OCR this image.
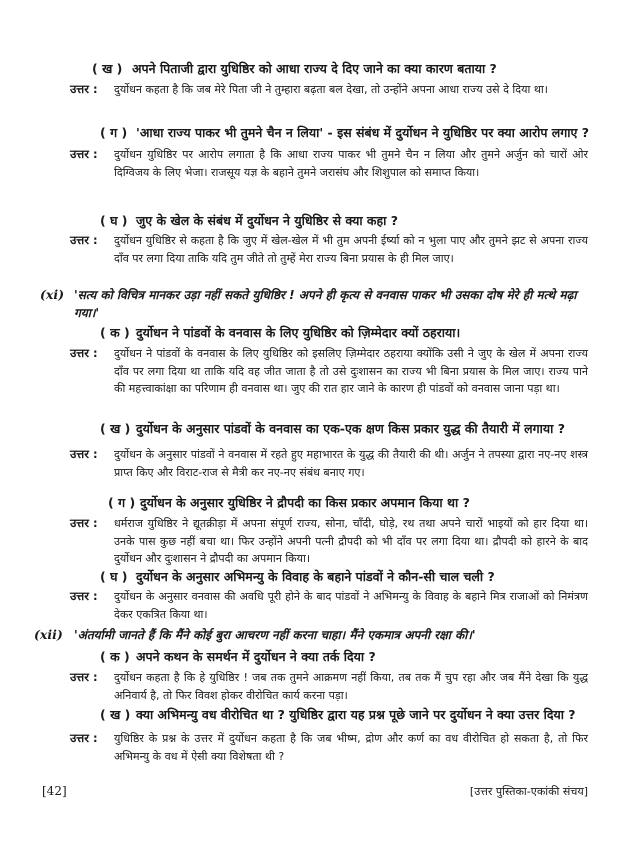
( ख ) अपने पिताजी द्वारा युधिष्ठिर को आधा राज्य दे दिए जाने का क्या कारण बताया ?
उत्तर :	दुर्योधन कहता है कि जब मेरे पिता जी ने तुम्हारा बढ़ता बल देखा, तो उन्होंने अपना आधा राज्य उसे दे दिया था।
( ग ) 'आधा राज्य पाकर भी तुमने चैन न लिया' - इस संबंध में दुर्योधन ने युधिष्ठिर पर क्या आरोप लगाए ?
उत्तर :	दुर्योधन युधिष्ठिर पर आरोप लगाता है कि आधा राज्य पाकर भी तुमने चैन न लिया और तुमने अर्जुन को चारों ओर दिग्विजय के लिए भेजा। राजसूय यज्ञ के बहाने तुमने जरासंघ और शिशुपाल को समाप्त किया।
( घ ) जुए के खेल के संबंध में दुर्योधन ने युधिष्ठिर से क्या कहा ?
उत्तर :	दुर्योधन युधिष्ठिर से कहता है कि जुए में खेल-खेल में भी तुम अपनी ईर्ष्या को न भुला पाए और तुमने झट से अपना राज्य दाँव पर लगा दिया ताकि यदि तुम जीते तो तुम्हें मेरा राज्य बिना प्रयास के ही मिल जाए।
(xi) 'सत्य को विचित्र मानकर उड़ा नहीं सकते युधिष्ठिर ! अपने ही कृत्य से वनवास पाकर भी उसका दोष मेरे ही मत्थे मढ़ा गया।'
( क ) दुर्योधन ने पांडवों के वनवास के लिए युधिष्ठिर को ज़िम्मेदार क्यों ठहराया।
उत्तर :	दुर्योधन ने पांडवों के वनवास के लिए युधिष्ठिर को इसलिए ज़िम्मेदार ठहराया क्योंकि उसी ने जुए के खेल में अपना राज्य दाँव पर लगा दिया था ताकि यदि वह जीत जाता है तो उसे दुःशासन का राज्य भी बिना प्रयास के मिल जाए। राज्य पाने की महत्त्वाकांक्षा का परिणाम ही वनवास था। जुए की रात हार जाने के कारण ही पांडवों को वनवास जाना पड़ा था।
( ख ) दुर्योधन के अनुसार पांडवों के वनवास का एक-एक क्षण किस प्रकार युद्ध की तैयारी में लगाया ?
उत्तर :	दुर्योधन के अनुसार पांडवों ने वनवास में रहते हुए महाभारत के युद्ध की तैयारी की थी। अर्जुन ने तपस्या द्वारा नए-नए शस्त्र प्राप्त किए और विराट-राज से मैत्री कर नए-नए संबंध बनाए गए।
( ग ) दुर्योधन के अनुसार युधिष्ठिर ने द्रौपदी का किस प्रकार अपमान किया था ?
उत्तर :	धर्मराज युधिष्ठिर ने द्यूतक्रीड़ा में अपना संपूर्ण राज्य, सोना, चाँदी, घोड़े, रथ तथा अपने चारों भाइयों को हार दिया था। उनके पास कुछ नहीं बचा था। फिर उन्होंने अपनी पत्नी द्रौपदी को भी दाँव पर लगा दिया था। द्रौपदी को हारने के बाद दुर्योधन और दुःशासन ने द्रौपदी का अपमान किया।
( घ ) दुर्योधन के अनुसार अभिमन्यु के विवाह के बहाने पांडवों ने कौन-सी चाल चली ?
उत्तर :	दुर्योधन के अनुसार वनवास की अवधि पूरी होने के बाद पांडवों ने अभिमन्यु के विवाह के बहाने मित्र राजाओं को निमंत्रण देकर एकत्रित किया था।
(xii) 'अंतर्यामी जानते हैं कि मैंने कोई बुरा आचरण नहीं करना चाहा। मैंने एकमात्र अपनी रक्षा की।'
( क ) अपने कथन के समर्थन में दुर्योधन ने क्या तर्क दिया ?
उत्तर :	दुर्योधन कहता है कि हे युधिष्ठिर ! जब तक तुमने आक्रमण नहीं किया, तब तक मैं चुप रहा और जब मैंने देखा कि युद्ध अनिवार्य है, तो फिर विवश होकर वीरोचित कार्य करना पड़ा।
( ख ) क्या अभिमन्यु वध वीरोचित था ? युधिष्ठिर द्वारा यह प्रश्न पूछे जाने पर दुर्योधन ने क्या उत्तर दिया ?
उत्तर :	युधिष्ठिर के प्रश्न के उत्तर में दुर्योधन कहता है कि जब भीष्म, द्रोण और कर्ण का वध वीरोचित हो सकता है, तो फिर अभिमन्यु के वध में ऐसी क्या विशेषता थी ?
[42]	[उत्तर पुस्तिका-एकांकी संचय]
